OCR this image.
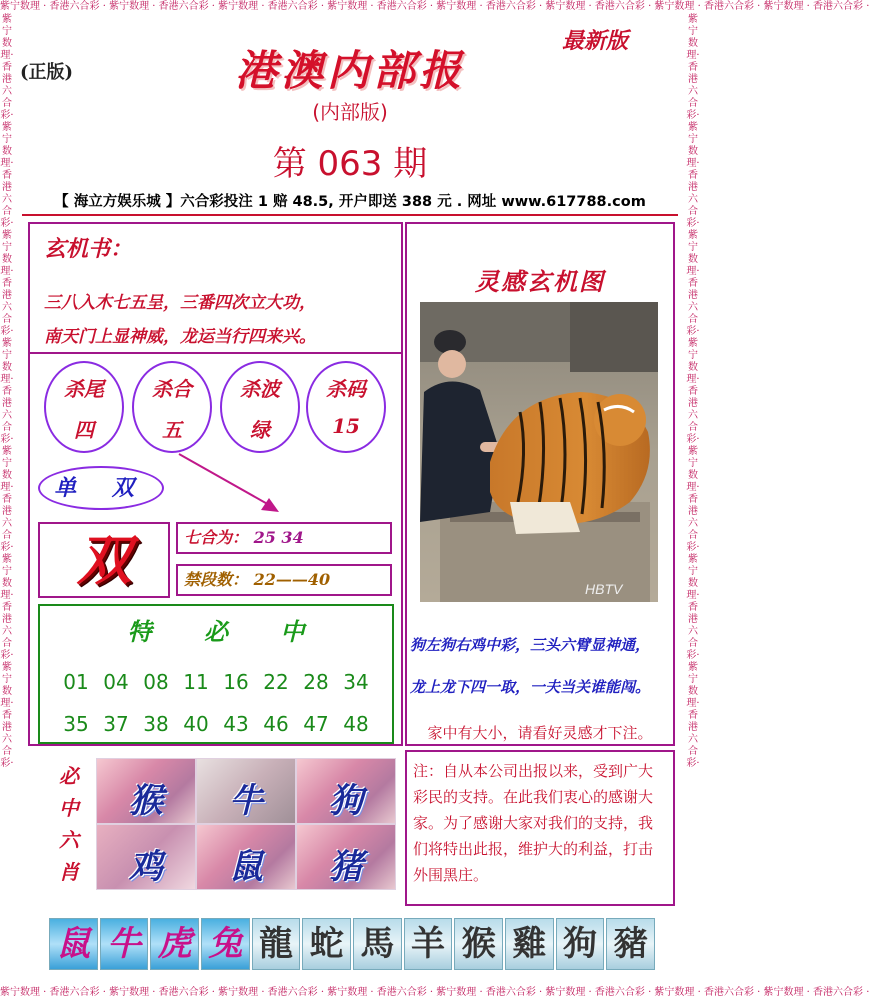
紫宁数理 · 香港六合彩 · 紫宁数理 · 香港六合彩 · 紫宁数理 · 香港六合彩 · 紫宁数理 · 香港六合彩 · 紫宁数理 · 香港六合彩 · 紫宁数理 · 香港六合彩 · 紫宁数理 · 香港六合彩 · 紫宁数理 · 香港六合彩 ·
紫宁数理 · 香港六合彩 · 紫宁数理 · 香港六合彩 · 紫宁数理 · 香港六合彩 · 紫宁数理 · 香港六合彩 · 紫宁数理 · 香港六合彩 · 紫宁数理 · 香港六合彩 · 紫宁数理 · 香港六合彩 · 紫宁数理 · 香港六合彩 ·
紫宁数理·香港六合彩·紫宁数理·香港六合彩·紫宁数理·香港六合彩·紫宁数理·香港六合彩·紫宁数理·香港六合彩·紫宁数理·香港六合彩·紫宁数理·香港六合彩·
紫宁数理·香港六合彩·紫宁数理·香港六合彩·紫宁数理·香港六合彩·紫宁数理·香港六合彩·紫宁数理·香港六合彩·紫宁数理·香港六合彩·紫宁数理·香港六合彩·
(正版)
最新版
港澳内部报
(内部版)
第 063 期
【 海立方娱乐城 】六合彩投注 1 赔 48.5, 开户即送 388 元 . 网址 www.617788.com
玄机书：
三八入木七五呈，三番四次立大功，
南天门上显神威，龙运当行四来兴。
杀尾
四
杀合
五
杀波
绿
杀码
15
单 双
双	七合为： 25 34
禁段数： 22——40
特 必 中
01 04 08 11 16 22 28 34
35 37 38 40 43 46 47 48
必
中
六
肖
猴	牛	狗
鸡	鼠	猪
灵感玄机图
HBTV
狗左狗右鸡中彩，三头六臂显神通，
龙上龙下四一取，一夫当关谁能闯。
家中有大小，请看好灵感才下注。

注：自从本公司出报以来，受到广大彩民的支持。在此我们衷心的感谢大家。为了感谢大家对我们的支持，我们将特出此报，维护大的利益，打击外围黑庄。

鼠 牛 虎 兔 龍 蛇 馬 羊 猴 雞 狗 豬
